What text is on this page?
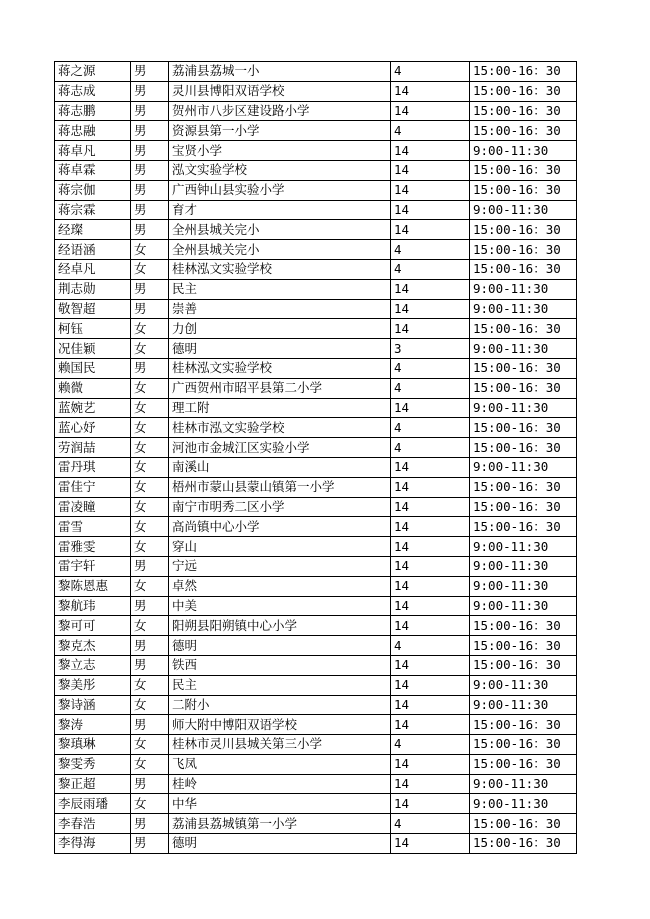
蒋之源	男	荔浦县荔城一小	4	15:00-16：30
蒋志成	男	灵川县博阳双语学校	14	15:00-16：30
蒋志鹏	男	贺州市八步区建设路小学	14	15:00-16：30
蒋忠融	男	资源县第一小学	4	15:00-16：30
蒋卓凡	男	宝贤小学	14	9:00-11:30
蒋卓霖	男	泓文实验学校	14	15:00-16：30
蒋宗伽	男	广西钟山县实验小学	14	15:00-16：30
蒋宗霖	男	育才	14	9:00-11:30
经璨	男	全州县城关完小	14	15:00-16：30
经语涵	女	全州县城关完小	4	15:00-16：30
经卓凡	女	桂林泓文实验学校	4	15:00-16：30
荆志勋	男	民主	14	9:00-11:30
敬智超	男	崇善	14	9:00-11:30
柯钰	女	力创	14	15:00-16：30
况佳颖	女	德明	3	9:00-11:30
赖国民	男	桂林泓文实验学校	4	15:00-16：30
赖微	女	广西贺州市昭平县第二小学	4	15:00-16：30
蓝婉艺	女	理工附	14	9:00-11:30
蓝心妤	女	桂林市泓文实验学校	4	15:00-16：30
劳润喆	女	河池市金城江区实验小学	4	15:00-16：30
雷丹琪	女	南溪山	14	9:00-11:30
雷佳宁	女	梧州市蒙山县蒙山镇第一小学	14	15:00-16：30
雷凌瞳	女	南宁市明秀二区小学	14	15:00-16：30
雷雪	女	高尚镇中心小学	14	15:00-16：30
雷雅雯	女	穿山	14	9:00-11:30
雷宇轩	男	宁远	14	9:00-11:30
黎陈恩惠	女	卓然	14	9:00-11:30
黎航玮	男	中美	14	9:00-11:30
黎可可	女	阳朔县阳朔镇中心小学	14	15:00-16：30
黎克杰	男	德明	4	15:00-16：30
黎立志	男	铁西	14	15:00-16：30
黎美彤	女	民主	14	9:00-11:30
黎诗涵	女	二附小	14	9:00-11:30
黎涛	男	师大附中博阳双语学校	14	15:00-16：30
黎瑱琳	女	桂林市灵川县城关第三小学	4	15:00-16：30
黎雯秀	女	飞凤	14	15:00-16：30
黎正超	男	桂岭	14	9:00-11:30
李辰雨璠	女	中华	14	9:00-11:30
李春浩	男	荔浦县荔城镇第一小学	4	15:00-16：30
李得海	男	德明	14	15:00-16：30
